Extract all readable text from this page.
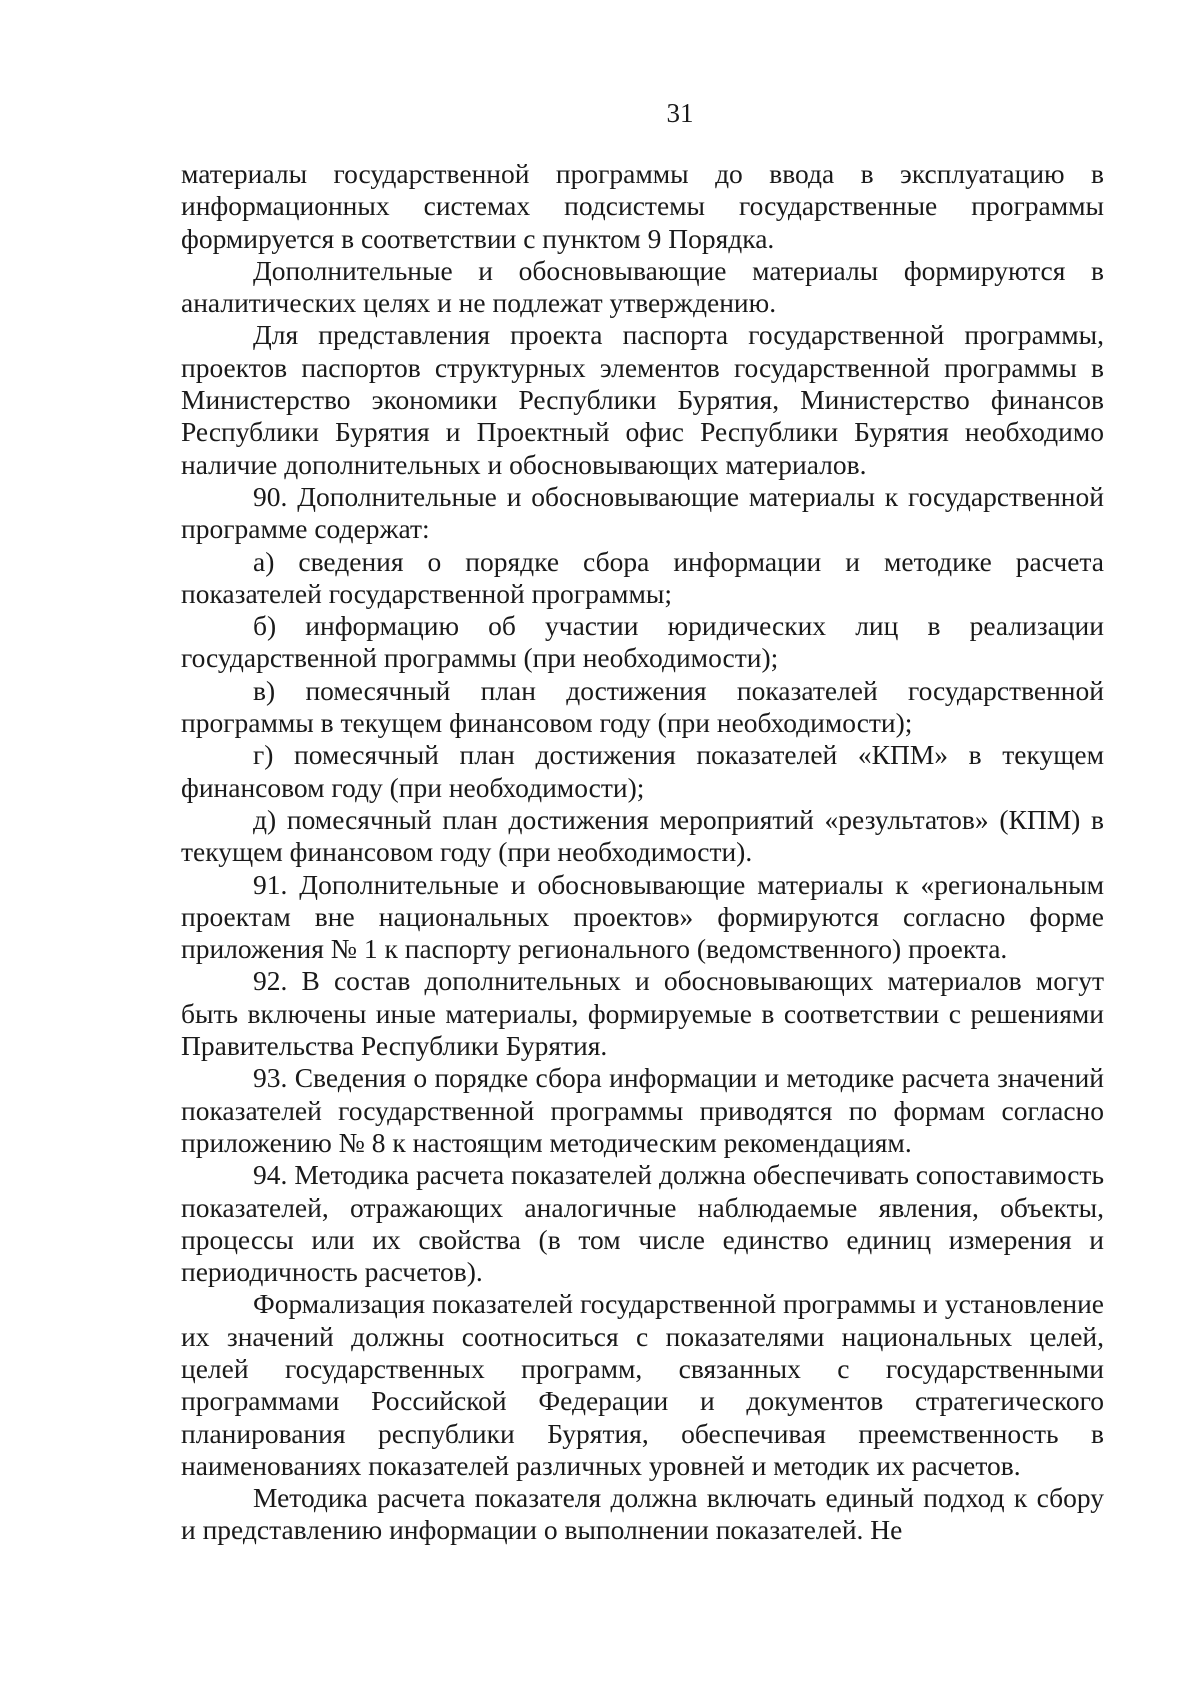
31

материалы государственной программы до ввода в эксплуатацию в информационных системах подсистемы государственные программы формируется в соответствии с пунктом 9 Порядка.

Дополнительные и обосновывающие материалы формируются в аналитических целях и не подлежат утверждению.

Для представления проекта паспорта государственной программы, проектов паспортов структурных элементов государственной программы в Министерство экономики Республики Бурятия, Министерство финансов Республики Бурятия и Проектный офис Республики Бурятия необходимо наличие дополнительных и обосновывающих материалов.

90. Дополнительные и обосновывающие материалы к государственной программе содержат:

а) сведения о порядке сбора информации и методике расчета показателей государственной программы;

б) информацию об участии юридических лиц в реализации государственной программы (при необходимости);

в) помесячный план достижения показателей государственной программы в текущем финансовом году (при необходимости);

г) помесячный план достижения показателей «КПМ» в текущем финансовом году (при необходимости);

д) помесячный план достижения мероприятий «результатов» (КПМ) в текущем финансовом году (при необходимости).

91. Дополнительные и обосновывающие материалы к «региональным проектам вне национальных проектов» формируются согласно форме приложения № 1 к паспорту регионального (ведомственного) проекта.

92. В состав дополнительных и обосновывающих материалов могут быть включены иные материалы, формируемые в соответствии с решениями Правительства Республики Бурятия.

93. Сведения о порядке сбора информации и методике расчета значений показателей государственной программы приводятся по формам согласно приложению № 8 к настоящим методическим рекомендациям.

94. Методика расчета показателей должна обеспечивать сопоставимость показателей, отражающих аналогичные наблюдаемые явления, объекты, процессы или их свойства (в том числе единство единиц измерения и периодичность расчетов).

Формализация показателей государственной программы и установление их значений должны соотноситься с показателями национальных целей, целей государственных программ, связанных с государственными программами Российской Федерации и документов стратегического планирования республики Бурятия, обеспечивая преемственность в наименованиях показателей различных уровней и методик их расчетов.

Методика расчета показателя должна включать единый подход к сбору и представлению информации о выполнении показателей. Не
